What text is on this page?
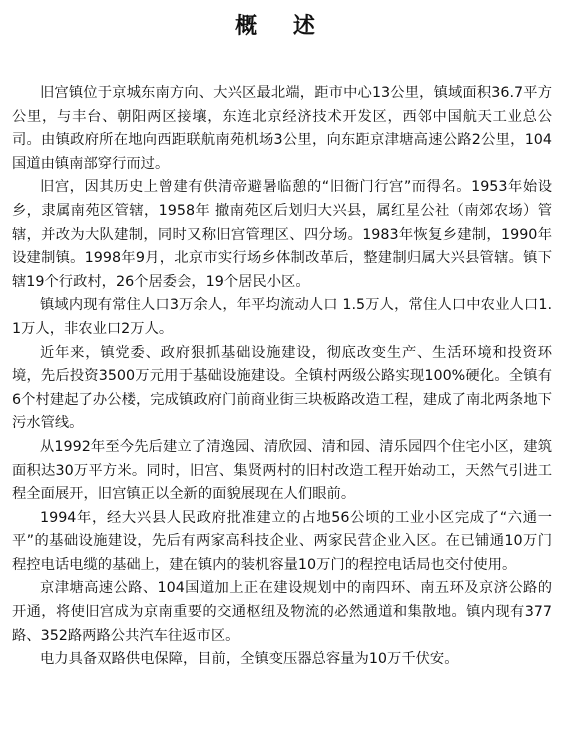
概 述
旧宫镇位于京城东南方向、大兴区最北端，距市中心13公里，镇域面积36.7平方公里，与丰台、朝阳两区接壤，东连北京经济技术开发区，西邻中国航天工业总公司。由镇政府所在地向西距联航南苑机场3公里，向东距京津塘高速公路2公里，104国道由镇南部穿行而过。
旧宫，因其历史上曾建有供清帝避暑临憩的“旧衙门行宫”而得名。1953年始设乡，隶属南苑区管辖，1958年 撤南苑区后划归大兴县，属红星公社（南郊农场）管辖，并改为大队建制，同时又称旧宫管理区、四分场。1983年恢复乡建制，1990年设建制镇。1998年9月，北京市实行场乡体制改革后，整建制归属大兴县管辖。镇下辖19个行政村，26个居委会，19个居民小区。
镇域内现有常住人口3万余人，年平均流动人口 1.5万人，常住人口中农业人口1.1万人，非农业口2万人。
近年来，镇党委、政府狠抓基础设施建设，彻底改变生产、生活环境和投资环境，先后投资3500万元用于基础设施建设。全镇村两级公路实现100%硬化。全镇有6个村建起了办公楼，完成镇政府门前商业街三块板路改造工程，建成了南北两条地下污水管线。
从1992年至今先后建立了清逸园、清欣园、清和园、清乐园四个住宅小区，建筑面积达30万平方米。同时，旧宫、集贤两村的旧村改造工程开始动工，天然气引进工程全面展开，旧宫镇正以全新的面貌展现在人们眼前。
1994年，经大兴县人民政府批准建立的占地56公顷的工业小区完成了“六通一平”的基础设施建设，先后有两家高科技企业、两家民营企业入区。在已铺通10万门程控电话电缆的基础上，建在镇内的装机容量10万门的程控电话局也交付使用。
京津塘高速公路、104国道加上正在建设规划中的南四环、南五环及京济公路的开通，将使旧宫成为京南重要的交通枢纽及物流的必然通道和集散地。镇内现有377路、352路两路公共汽车往返市区。
电力具备双路供电保障，目前，全镇变压器总容量为10万千伏安。
